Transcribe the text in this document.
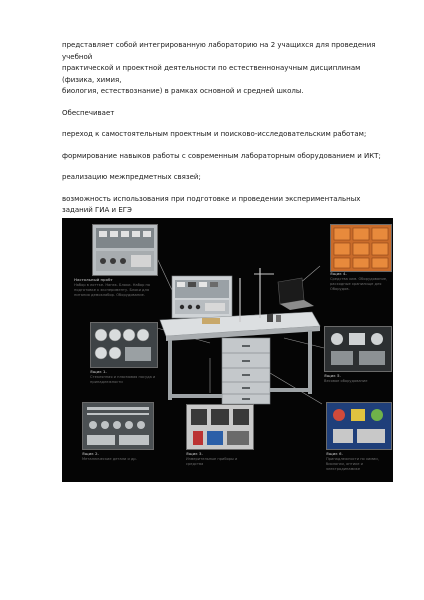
представляет собой интегрированную лабораторию на 2 учащихся для проведения учебной

практической и проектной деятельности по естественнонаучным дисциплинам (физика, химия,

биология, естествознание) в рамках основной и средней школы.

Обеспечивает

переход к самостоятельным проектным и поисково-исследовательским работам;

формирование навыков работы с современным лабораторным оборудованием и ИКТ;

реализацию межпредметных связей;

возможность использования при подготовке и проведении экспериментальных заданий ГИА и ЕГЭ

Настольный пробт
Набор в лоттке. Напэк. Блоки. Набор по подготовке к эксперименту. Блоки для питания демоклабор. Оборудование.
Ящик 4.
Средства хим. Оборудование, расходные хранилище для Оборудов.
Ящик 1.
Стеклянная и пласмовая посуда и принадлежности
Ящик 5.
Весовое оборудование
Ящик 2.
Металлические детали и др.
Ящик 3.
Измерительные приборы и средства
Ящик 6.
Принадлежности по химии, биологии, оптике и электродинамике
